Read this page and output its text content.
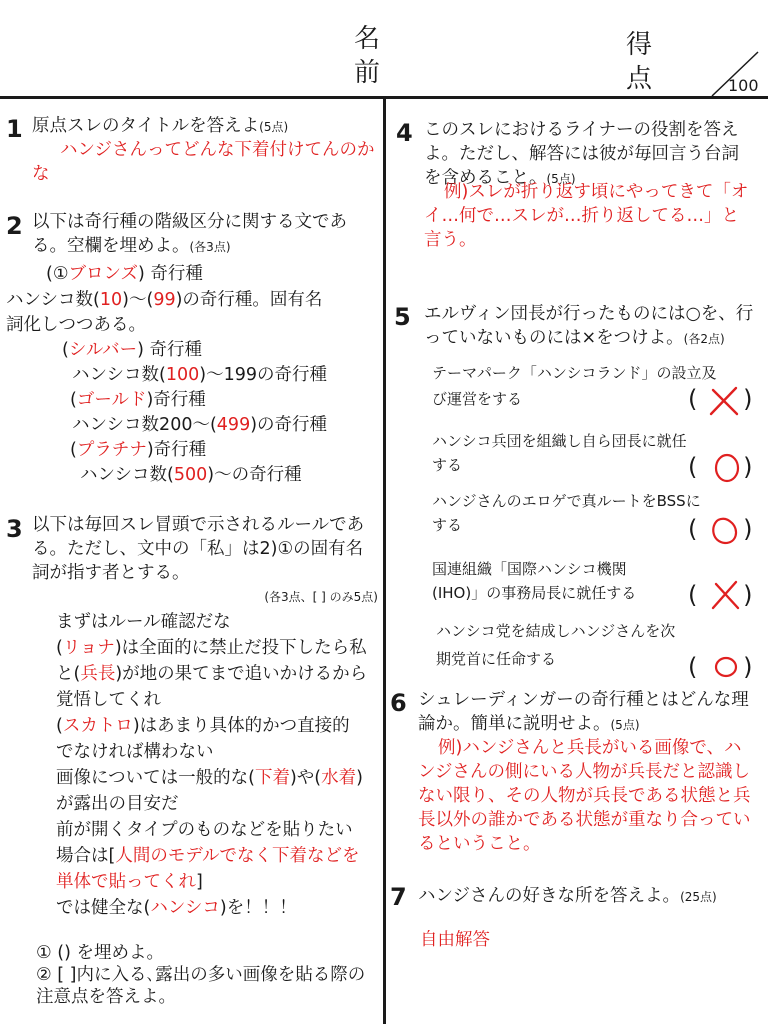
名
前
得
点	100
1 原点スレのタイトルを答えよ(5点)
ハンジさんってどんな下着付けてんのかな
2 以下は奇行種の階級区分に関する文である。空欄を埋めよ。(各3点)
(①ブロンズ) 奇行種
ハンシコ数(10)〜(99)の奇行種。固有名
詞化しつつある。
(シルバー) 奇行種
ハンシコ数(100)〜199の奇行種
(ゴールド)奇行種
ハンシコ数200〜(499)の奇行種
(プラチナ)奇行種
ハンシコ数(500)〜の奇行種
3 以下は毎回スレ冒頭で示されるルールである。ただし、文中の「私」は2)①の固有名詞が指す者とする。
(各3点、[ ] のみ5点)
まずはルール確認だな
(リョナ)は全面的に禁止だ投下したら私
と(兵長)が地の果てまで追いかけるから
覚悟してくれ
(スカトロ)はあまり具体的かつ直接的
でなければ構わない
画像については一般的な(下着)や(水着)
が露出の目安だ
前が開くタイプのものなどを貼りたい
場合は[人間のモデルでなく下着などを
単体で貼ってくれ]
では健全な(ハンシコ)を！！！
① () を埋めよ。
② [ ]内に入る､露出の多い画像を貼る際の注意点を答えよ。
4 このスレにおけるライナーの役割を答えよ。ただし、解答には彼が毎回言う台詞を含めること。(5点)
例)スレが折り返す頃にやってきて「オイ…何で…スレが…折り返してる…」と言う。
5 エルヴィン団長が行ったものには○を、行っていないものには×をつけよ。(各2点)
テーマパーク「ハンシコランド」の設立及
び運営をする	(      )
ハンシコ兵団を組織し自ら団長に就任
する	(      )
ハンジさんのエロゲで真ルートをBSSに
する	(      )
国連組織「国際ハンシコ機関
(IHO)」の事務局長に就任する (      )
ハンシコ党を結成しハンジさんを次
期党首に任命する	(      )
6 シュレーディンガーの奇行種とはどんな理論か。簡単に説明せよ。(5点)
例)ハンジさんと兵長がいる画像で、ハンジさんの側にいる人物が兵長だと認識しない限り、その人物が兵長である状態と兵長以外の誰かである状態が重なり合っているということ。
7 ハンジさんの好きな所を答えよ。(25点)
自由解答
